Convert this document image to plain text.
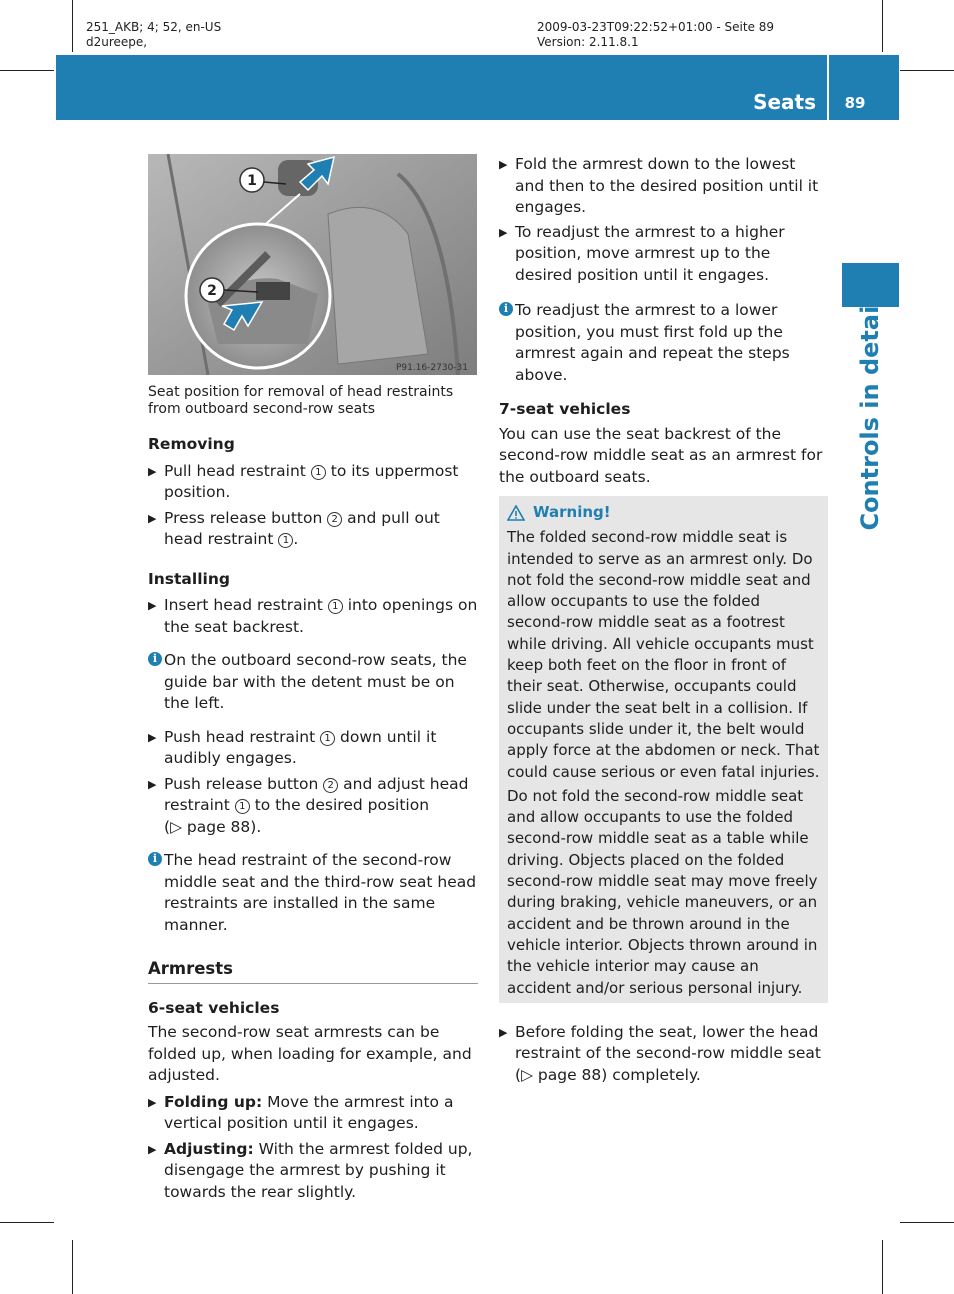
251_AKB; 4; 52, en-US
d2ureepe,
2009-03-23T09:22:52+01:00 - Seite 89
Version: 2.11.8.1
Seats	89
Controls in detail
1
2
P91.16-2730-31
Seat position for removal of head restraints from outboard second-row seats
Removing
▶ Pull head restraint 1 to its uppermost position.
▶ Press release button 2 and pull out head restraint 1 .
Installing
▶ Insert head restraint 1 into openings on the seat backrest.
i On the outboard second-row seats, the guide bar with the detent must be on the left.
▶ Push head restraint 1 down until it audibly engages.
▶ Push release button 2 and adjust head restraint 1 to the desired position
(▷ page 88).
i The head restraint of the second-row middle seat and the third-row seat head restraints are installed in the same manner.
Armrests
6-seat vehicles
The second-row seat armrests can be folded up, when loading for example, and adjusted.
▶ Folding up: Move the armrest into a vertical position until it engages.
▶ Adjusting: With the armrest folded up, disengage the armrest by pushing it towards the rear slightly.
▶ Fold the armrest down to the lowest and then to the desired position until it engages.
▶ To readjust the armrest to a higher position, move armrest up to the desired position until it engages.
i To readjust the armrest to a lower position, you must first fold up the armrest again and repeat the steps above.
7-seat vehicles
You can use the seat backrest of the second-row middle seat as an armrest for the outboard seats.
Warning!
The folded second-row middle seat is intended to serve as an armrest only. Do not fold the second-row middle seat and allow occupants to use the folded second-row middle seat as a footrest while driving. All vehicle occupants must keep both feet on the floor in front of their seat. Otherwise, occupants could slide under the seat belt in a collision. If occupants slide under it, the belt would apply force at the abdomen or neck. That could cause serious or even fatal injuries.
Do not fold the second-row middle seat and allow occupants to use the folded second-row middle seat as a table while driving. Objects placed on the folded second-row middle seat may move freely during braking, vehicle maneuvers, or an accident and be thrown around in the vehicle interior. Objects thrown around in the vehicle interior may cause an accident and/or serious personal injury.
▶ Before folding the seat, lower the head restraint of the second-row middle seat
(▷ page 88) completely.
